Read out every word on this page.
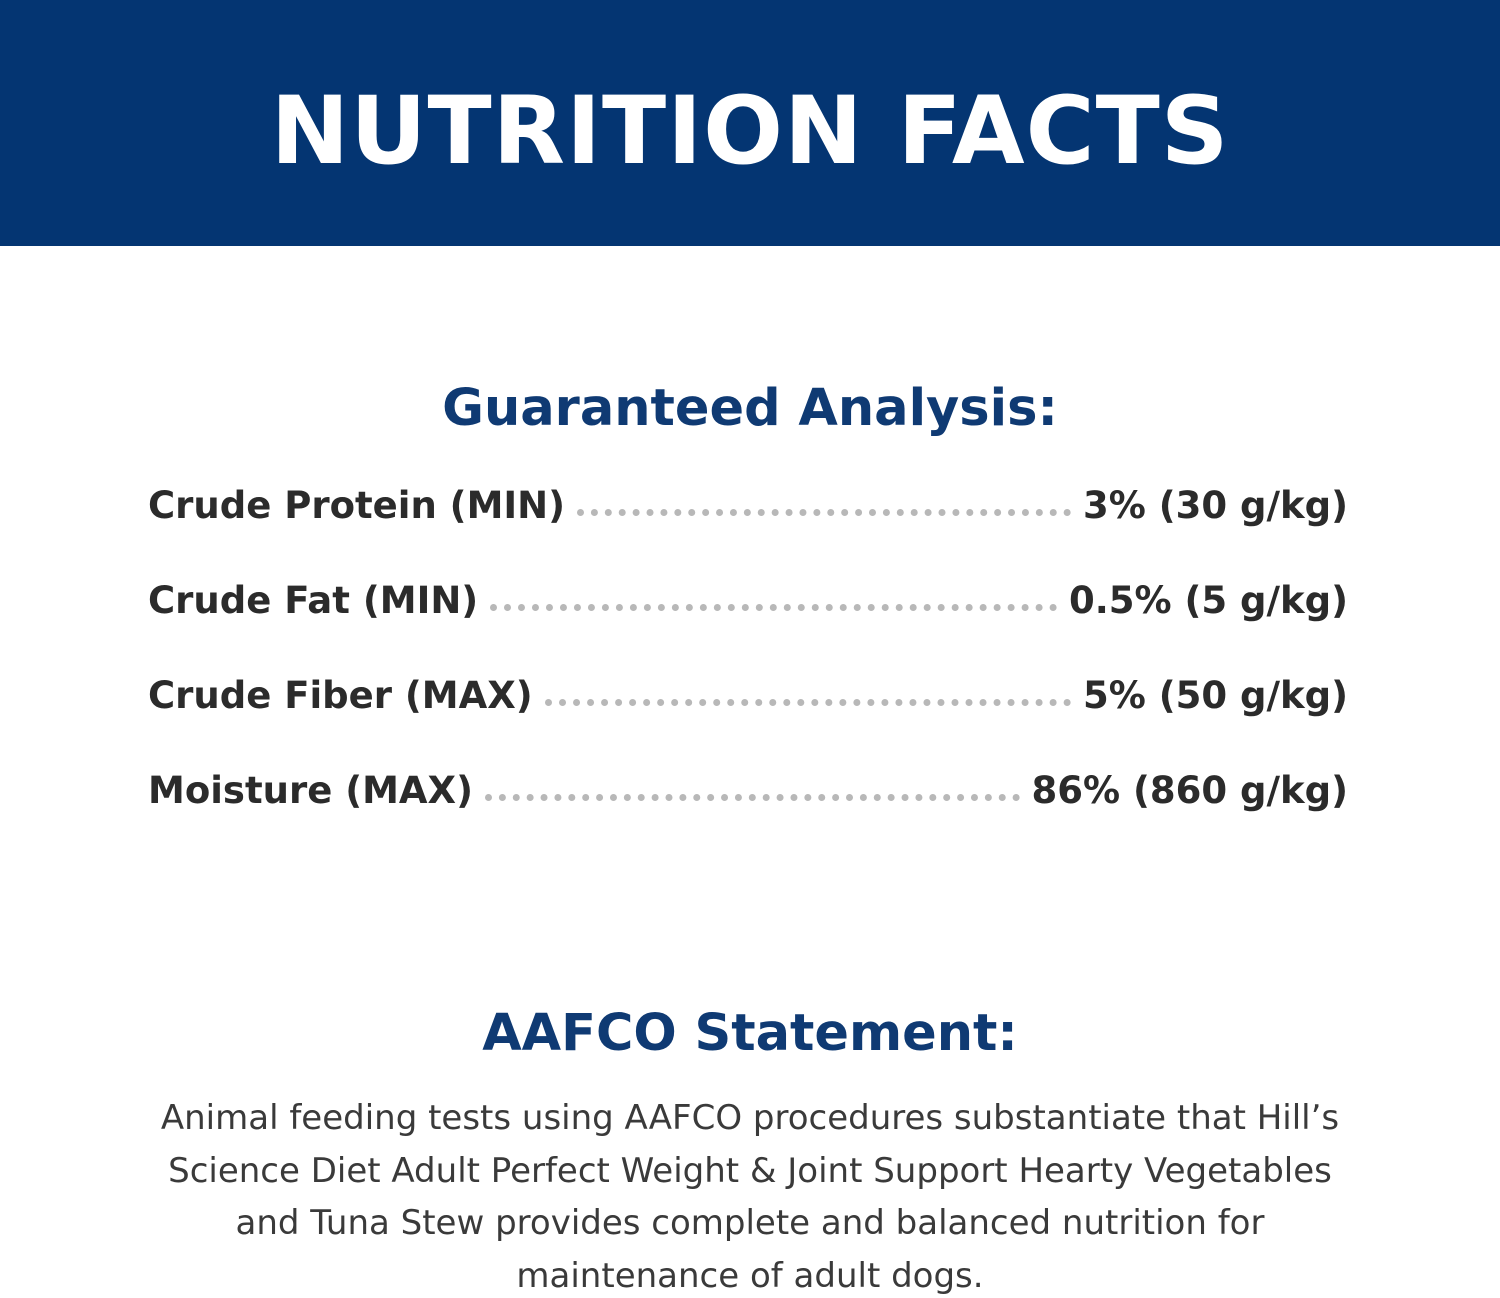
NUTRITION FACTS
Guaranteed Analysis:
Crude Protein (MIN)	3% (30 g/kg)
Crude Fat (MIN)	0.5% (5 g/kg)
Crude Fiber (MAX)	5% (50 g/kg)
Moisture (MAX)	86% (860 g/kg)
AAFCO Statement:

Animal feeding tests using AAFCO procedures substantiate that Hill’s Science Diet Adult Perfect Weight & Joint Support Hearty Vegetables and Tuna Stew provides complete and balanced nutrition for maintenance of adult dogs.
